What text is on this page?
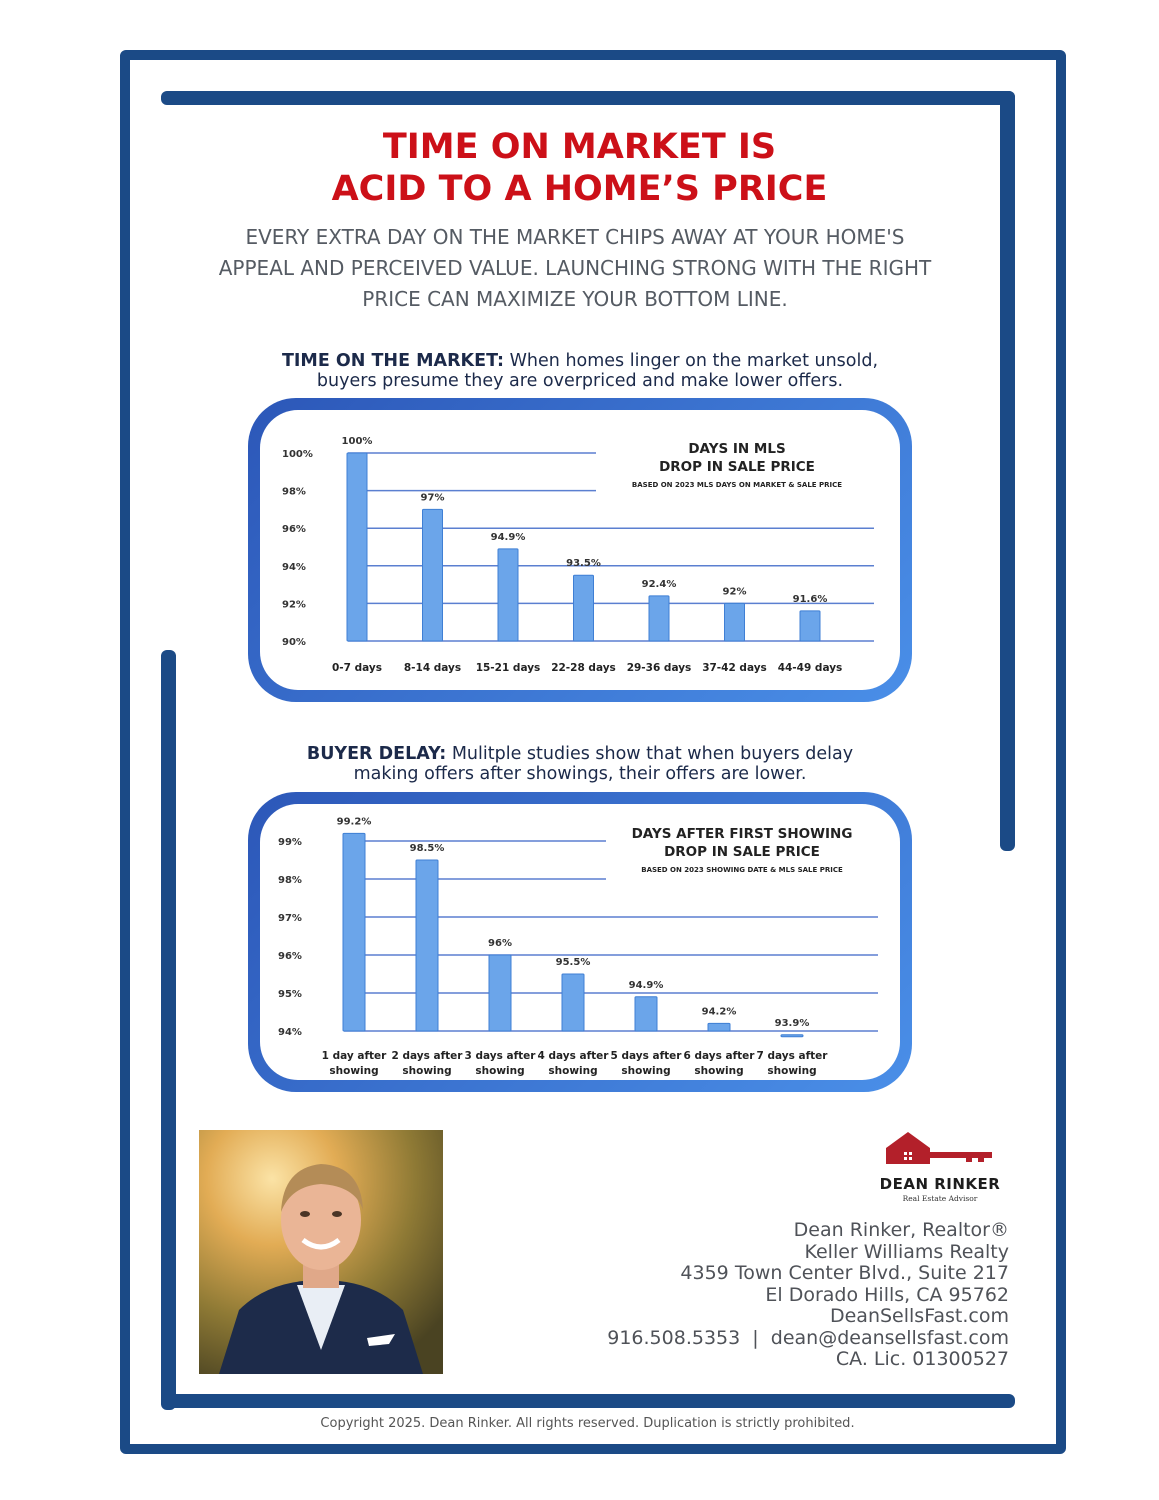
TIME ON MARKET IS
ACID TO A HOME’S PRICE
EVERY EXTRA DAY ON THE MARKET CHIPS AWAY AT YOUR HOME'S
APPEAL AND PERCEIVED VALUE. LAUNCHING STRONG WITH THE RIGHT
PRICE CAN MAXIMIZE YOUR BOTTOM LINE.
TIME ON THE MARKET: When homes linger on the market unsold,
buyers presume they are overpriced and make lower offers.
100%
98%
96%
94%
92%
90%
100%
0-7 days
97%
8-14 days
94.9%
15-21 days
93.5%
22-28 days
92.4%
29-36 days
92%
37-42 days
91.6%
44-49 days
DAYS IN MLS
DROP IN SALE PRICE
BASED ON 2023 MLS DAYS ON MARKET & SALE PRICE
BUYER DELAY: Mulitple studies show that when buyers delay
making offers after showings, their offers are lower.
99%
98%
97%
96%
95%
94%
99.2%
1 day after
showing
98.5%
2 days after
showing
96%
3 days after
showing
95.5%
4 days after
showing
94.9%
5 days after
showing
94.2%
6 days after
showing
93.9%
7 days after
showing
DAYS AFTER FIRST SHOWING
DROP IN SALE PRICE
BASED ON 2023 SHOWING DATE & MLS SALE PRICE
DEAN RINKER
Real Estate Advisor
Dean Rinker, Realtor®
Keller Williams Realty
4359 Town Center Blvd., Suite 217
El Dorado Hills, CA 95762
DeanSellsFast.com
916.508.5353  |  dean@deansellsfast.com
CA. Lic. 01300527
Copyright 2025. Dean Rinker. All rights reserved. Duplication is strictly prohibited.
